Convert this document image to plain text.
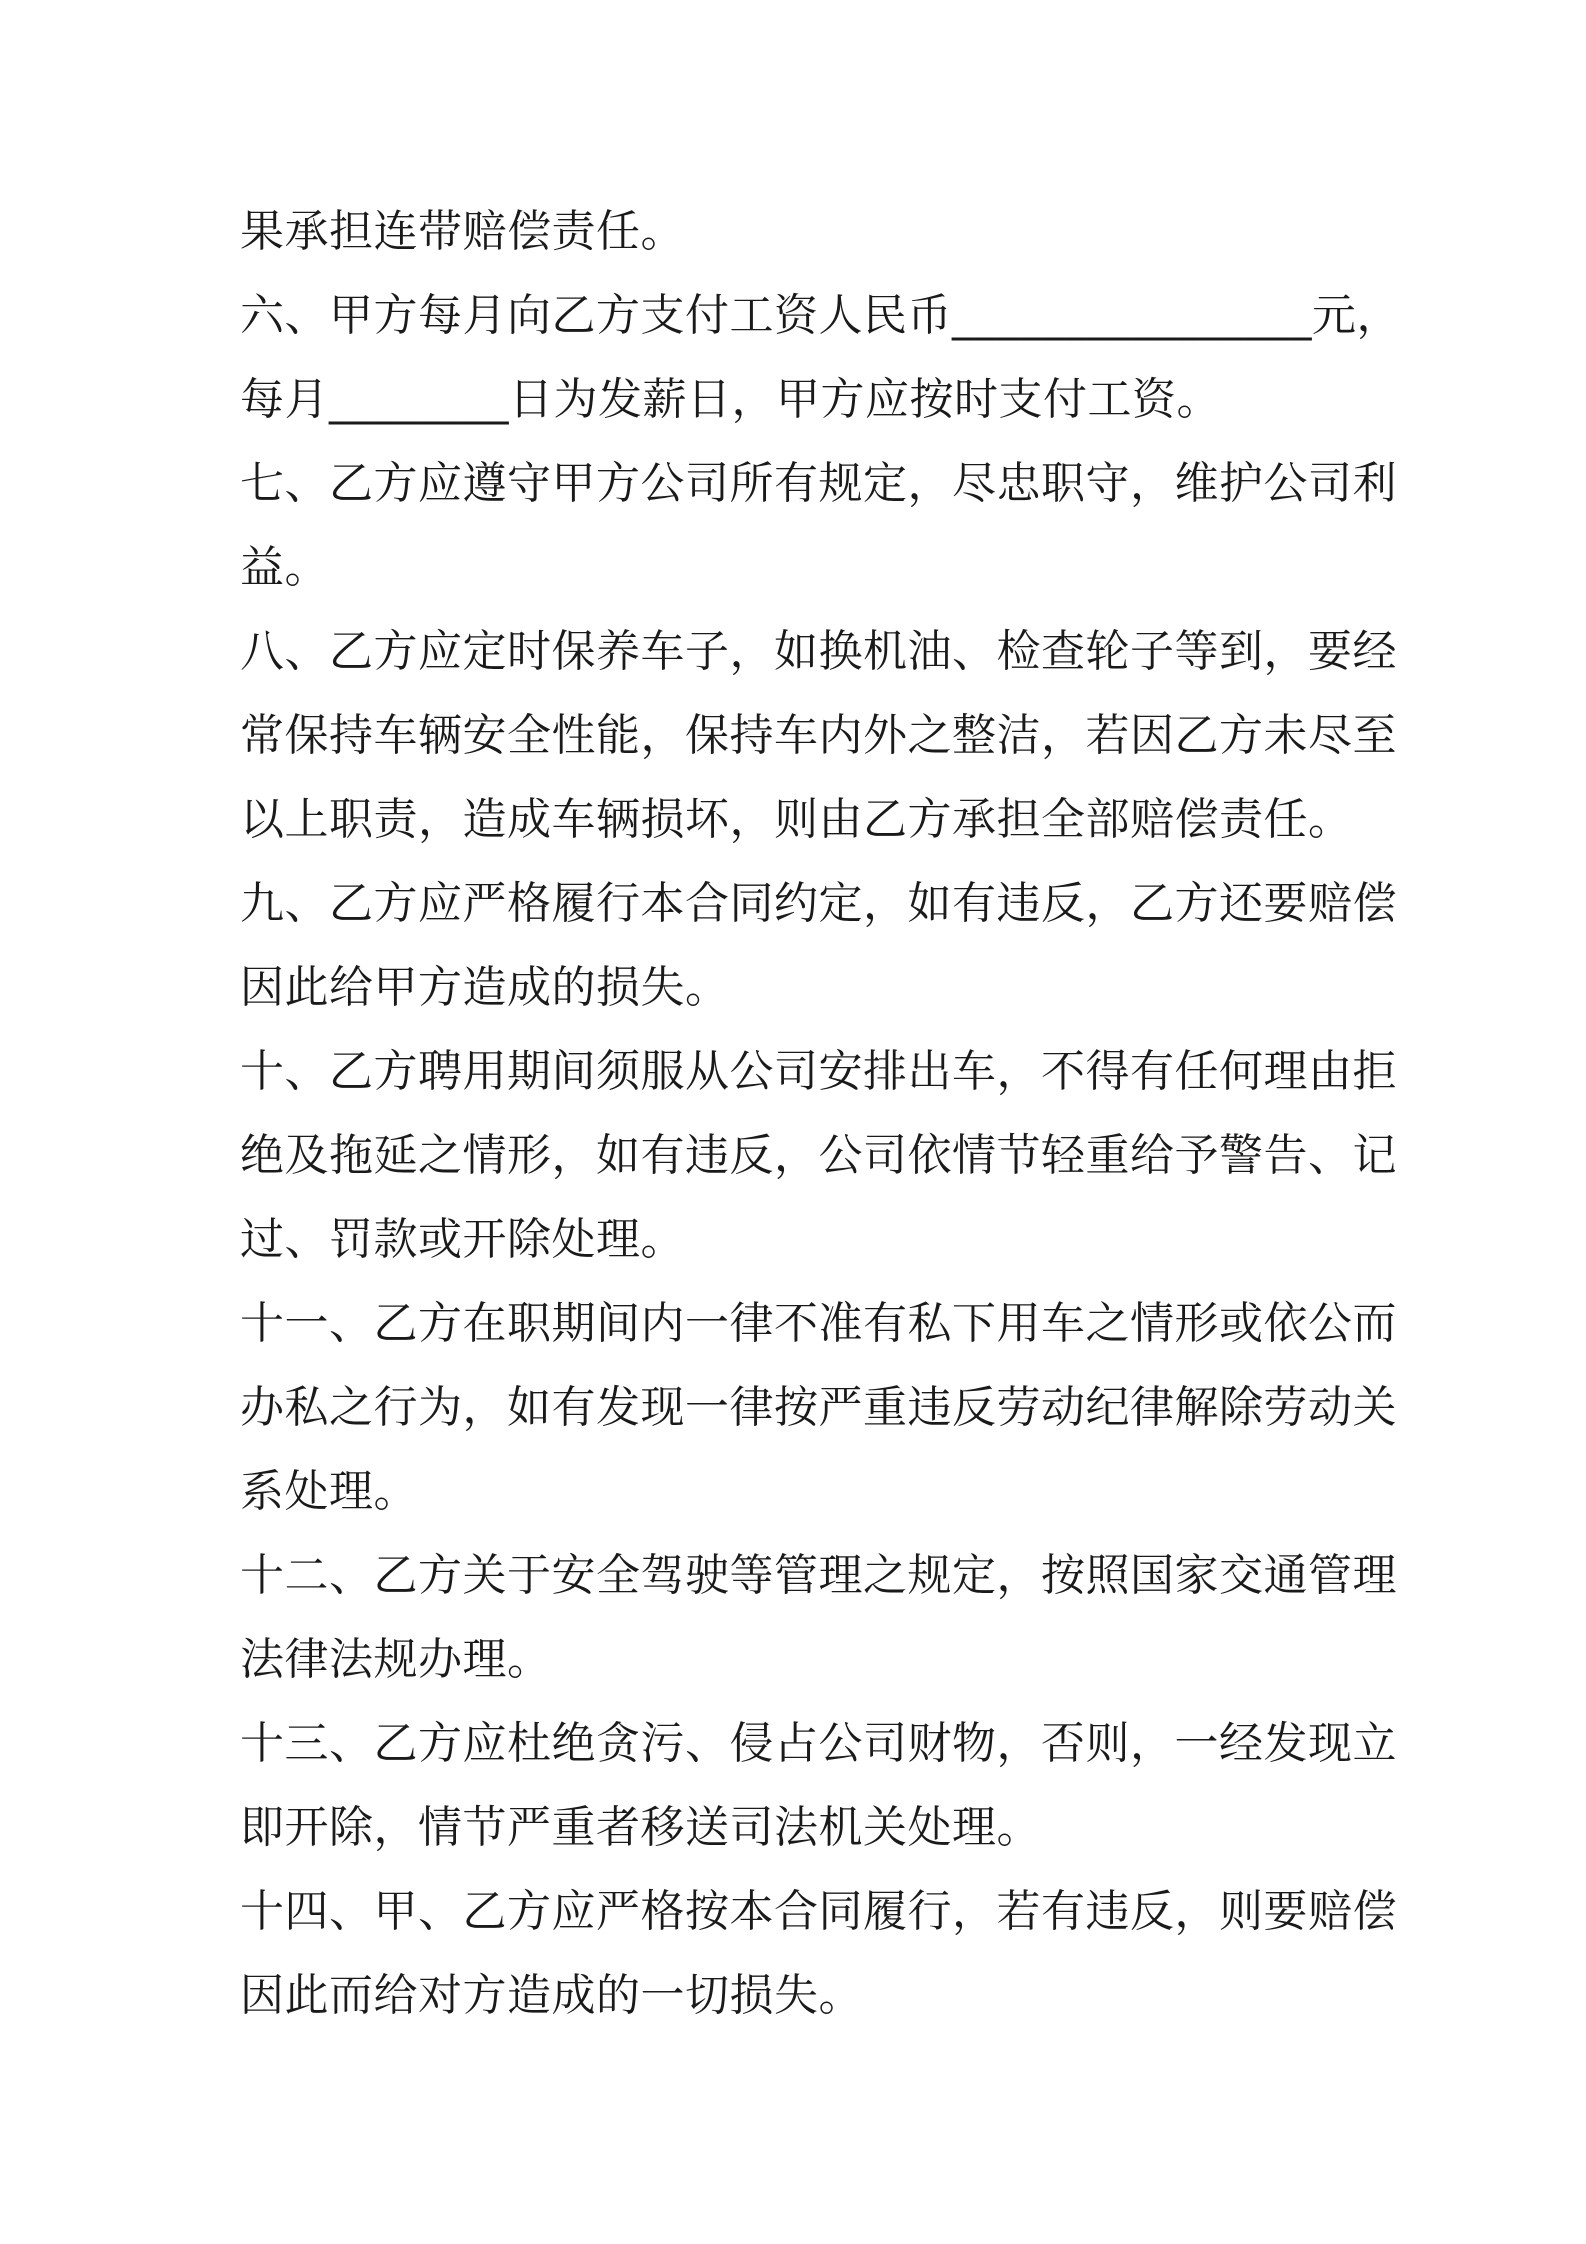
果承担连带赔偿责任。
六、甲方每月向乙方支付工资人民币________________元，
每月________日为发薪日，甲方应按时支付工资。
七、乙方应遵守甲方公司所有规定，尽忠职守，维护公司利
益。
八、乙方应定时保养车子，如换机油、检查轮子等到，要经
常保持车辆安全性能，保持车内外之整洁，若因乙方未尽至
以上职责，造成车辆损坏，则由乙方承担全部赔偿责任。
九、乙方应严格履行本合同约定，如有违反，乙方还要赔偿
因此给甲方造成的损失。
十、乙方聘用期间须服从公司安排出车，不得有任何理由拒
绝及拖延之情形，如有违反，公司依情节轻重给予警告、记
过、罚款或开除处理。
十一、乙方在职期间内一律不准有私下用车之情形或依公而
办私之行为，如有发现一律按严重违反劳动纪律解除劳动关
系处理。
十二、乙方关于安全驾驶等管理之规定，按照国家交通管理
法律法规办理。
十三、乙方应杜绝贪污、侵占公司财物，否则，一经发现立
即开除，情节严重者移送司法机关处理。
十四、甲、乙方应严格按本合同履行，若有违反，则要赔偿
因此而给对方造成的一切损失。
